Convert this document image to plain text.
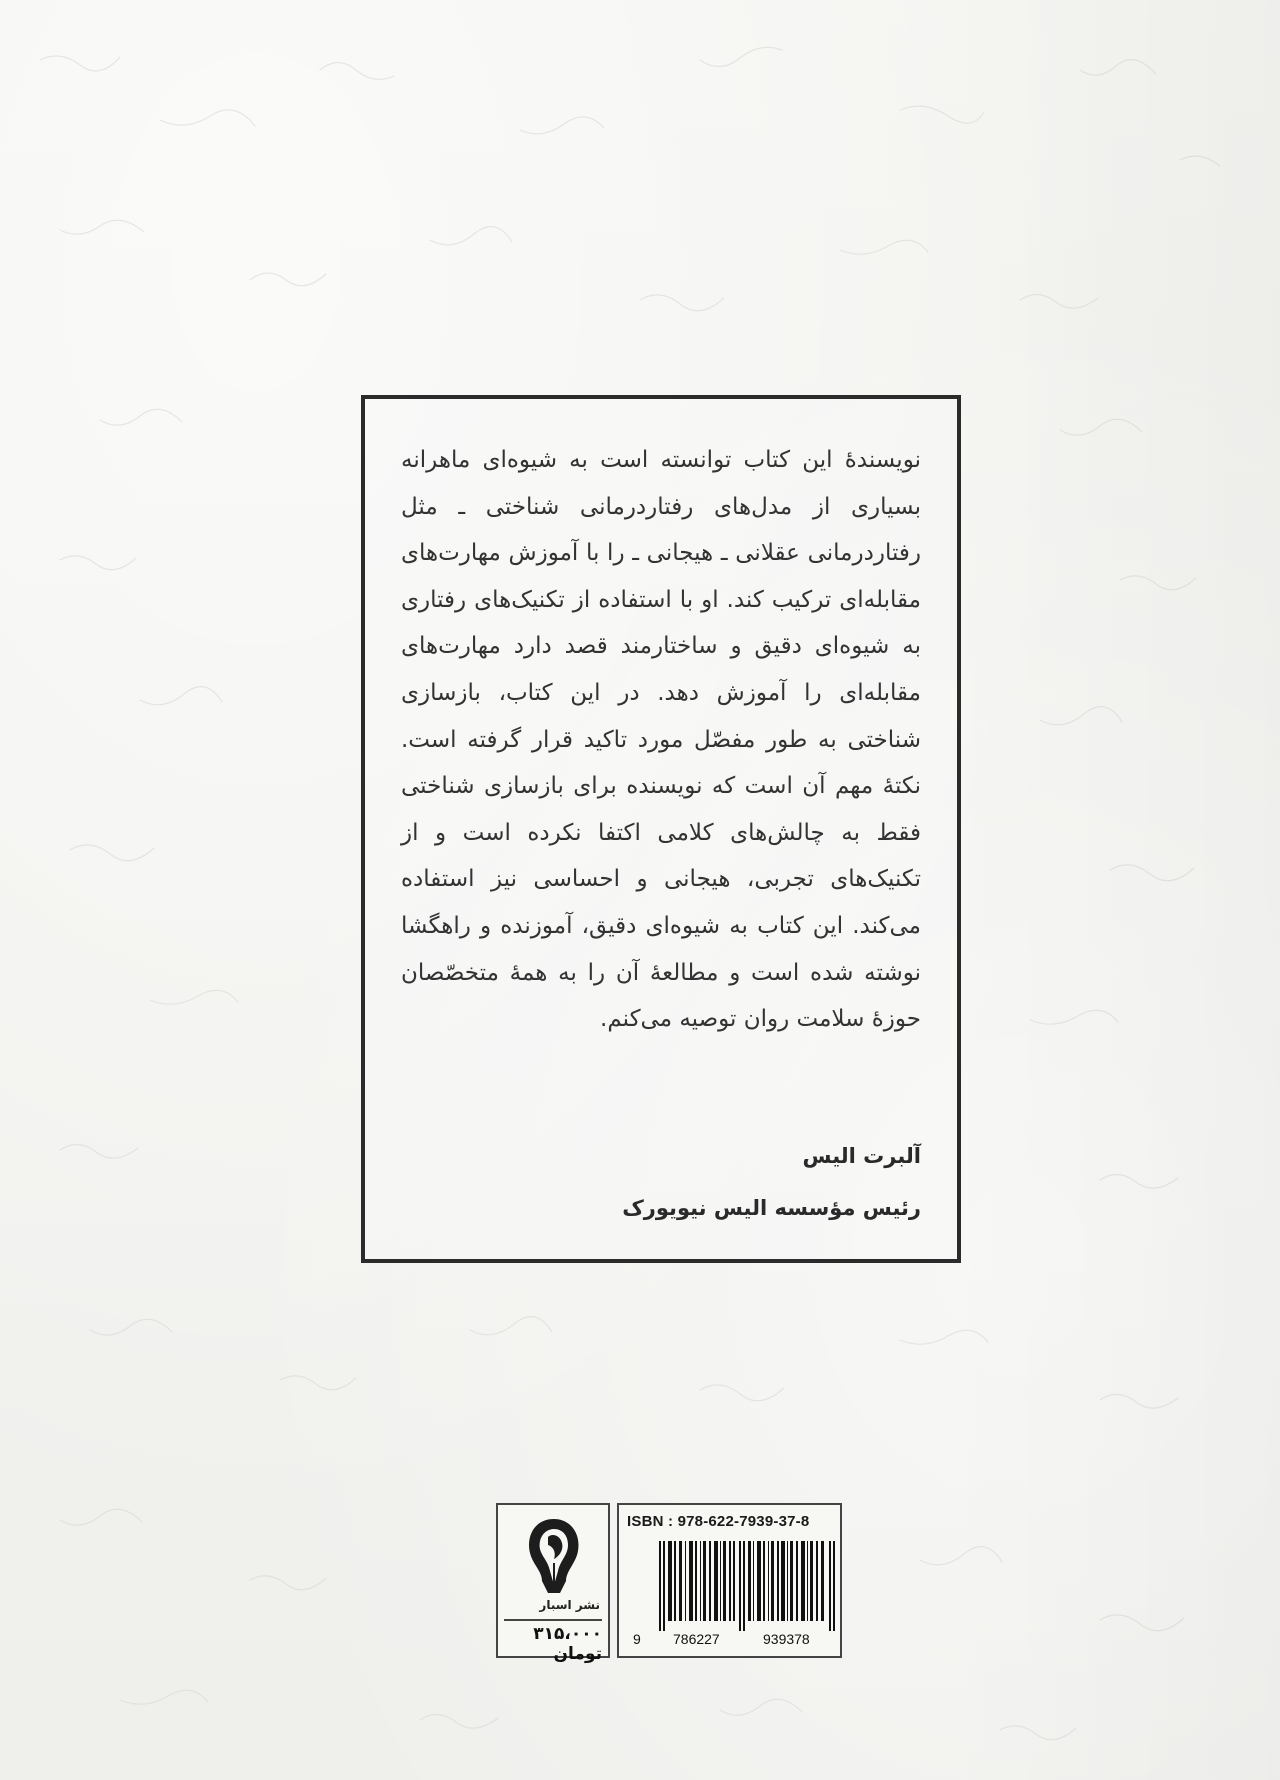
نویسندهٔ این کتاب توانسته است به شیوه‌ای ماهرانه بسیاری از مدل‌های رفتاردرمانی شناختی ـ مثل رفتاردرمانی عقلانی ـ هیجانی ـ را با آموزش مهارت‌های مقابله‌ای ترکیب کند. او با استفاده از تکنیک‌های رفتاری به شیوه‌ای دقیق و ساختارمند قصد دارد مهارت‌های مقابله‌ای را آموزش دهد. در این کتاب، بازسازی شناختی به طور مفصّل مورد تاکید قرار گرفته است. نکتهٔ مهم آن است که نویسنده برای بازسازی شناختی فقط به چالش‌های کلامی اکتفا نکرده است و از تکنیک‌های تجربی، هیجانی و احساسی نیز استفاده می‌کند. این کتاب به شیوه‌ای دقیق، آموزنده و راهگشا نوشته شده است و مطالعهٔ آن را به همهٔ متخصّصان حوزهٔ سلامت روان توصیه می‌کنم.
آلبرت الیس
رئیس مؤسسه الیس نیویورک
نشر اسبار
۳۱۵،۰۰۰ تومان
ISBN : 978-622-7939-37-8
9 786227	939378
